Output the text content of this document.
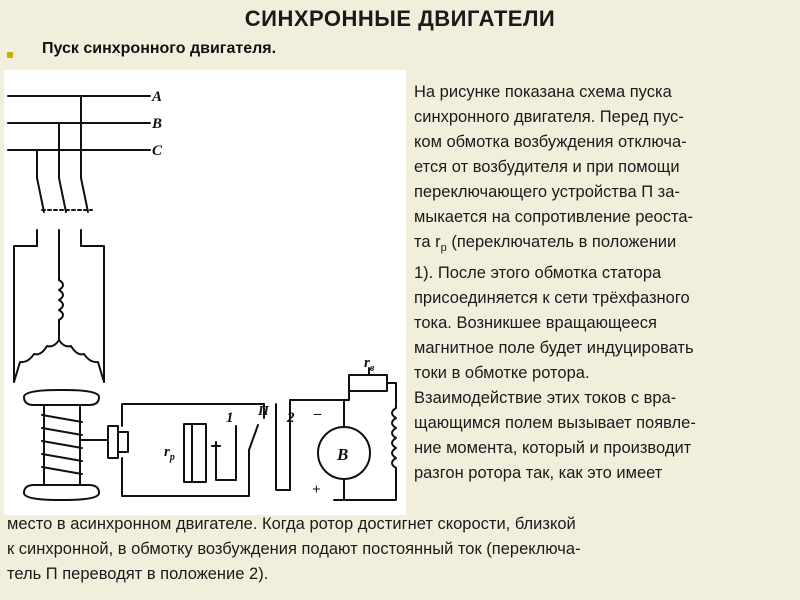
СИНХРОННЫЕ ДВИГАТЕЛИ
Пуск синхронного двигателя.
A
B
C
$r_р$
$r_в$
B
1	2
П	–
+
На рисунке показана схема пуска
синхронного двигателя. Перед пус-
ком обмотка возбуждения отключа-
ется от возбудителя и при помощи
переключающего устройства П за-
мыкается на сопротивление реоста-
та $r_р$ (переключатель в положении
1). После этого обмотка статора
присоединяется к сети трёхфазного
тока. Возникшее вращающееся
магнитное поле будет индуцировать
токи в обмотке ротора.
Взаимодействие этих токов с вра-
щающимся полем вызывает появле-
ние момента, который и производит
разгон ротора так, как это имеет
место в асинхронном двигателе. Когда ротор достигнет скорости, близкой
к синхронной, в обмотку возбуждения подают постоянный ток (переключа-
тель П переводят в положение 2).
